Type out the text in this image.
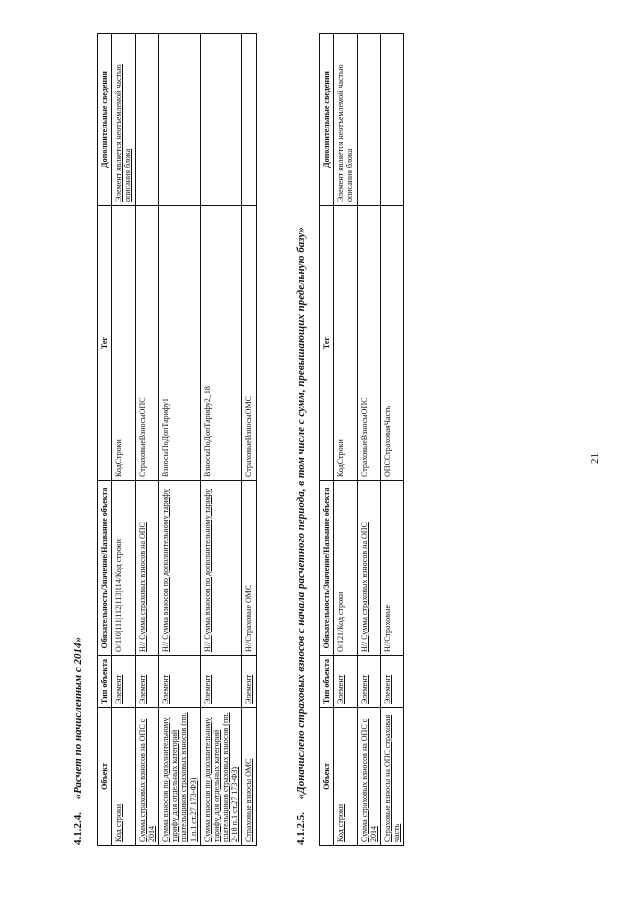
21
4.1.2.4. «Расчет по начисленным с 2014» Объект	Тип объекта	Обязательность/Значение/Название объекта	Тег	Дополнительные сведения
Код строки	Элемент	О/110|111|112|113|114/Код строки	КодСтроки	Элемент является неотъемлемой частью описания блока
Сумма страховых взносов на ОПС с 2014	Элемент	Н// Сумма страховых взносов на ОПС	СтраховыеВзносыОПС	
Сумма взносов по дополнительному тарифу для отдельных категорий плательщиков страховых взносов (пп. 1 п.1 ст.27 173-ФЗ)	Элемент	Н// Сумма взносов по дополнительному тарифу	ВзносыПоДопТарифу1	
Сумма взносов по дополнительному тарифу для отдельных категорий плательщиков страховых взносов (пп. 2-18 п.1 ст.27 173-ФЗ)	Элемент	Н// Сумма взносов по дополнительному тарифу	ВзносыПоДопТарифу2_18	
Страховые взносы ОМС	Элемент	Н//Страховые ОМС	СтраховыеВзносыОМС	
4.1.2.5. «Доначислено страховых взносов с начала расчетного периода, в том числе с сумм, превышающих предельную базу» Объект	Тип объекта	Обязательность/Значение/Название объекта	Тег	Дополнительные сведения
Код строки	Элемент	О/121/Код строки	КодСтроки	Элемент является неотъемлемой частью описания блока
Сумма страховых взносов на ОПС с 2014	Элемент	Н// Сумма страховых взносов на ОПС	СтраховыеВзносыОПС	
Страховые взносы на ОПС страховая часть	Элемент	Н//Страховые	ОПССтраховаяЧасть	
